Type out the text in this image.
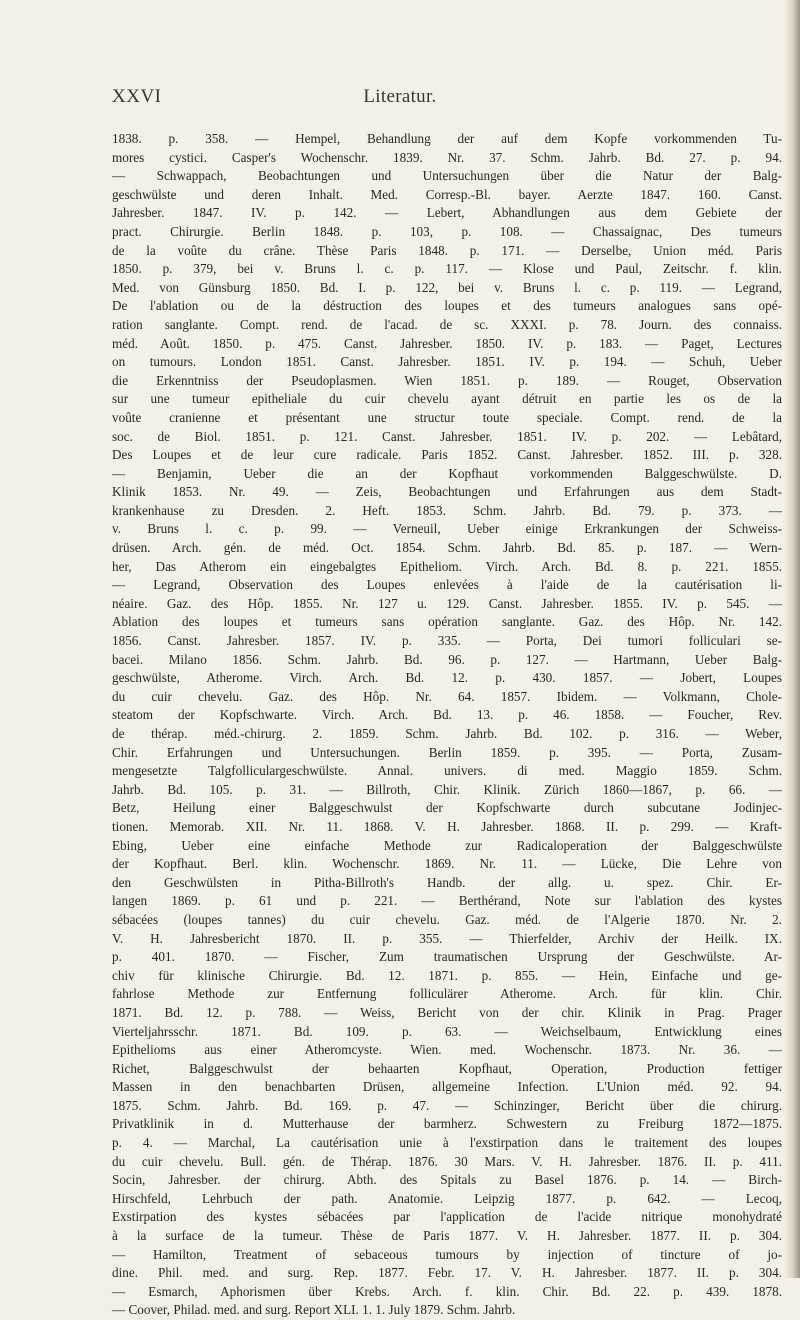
XXVI	Literatur.
1838. p. 358. — Hempel, Behandlung der auf dem Kopfe vorkommenden Tu-
mores cystici. Casper's Wochenschr. 1839. Nr. 37. Schm. Jahrb. Bd. 27. p. 94.
— Schwappach, Beobachtungen und Untersuchungen über die Natur der Balg-
geschwülste und deren Inhalt. Med. Corresp.-Bl. bayer. Aerzte 1847. 160. Canst.
Jahresber. 1847. IV. p. 142. — Lebert, Abhandlungen aus dem Gebiete der
pract. Chirurgie. Berlin 1848. p. 103, p. 108. — Chassaignac, Des tumeurs
de la voûte du crâne. Thèse Paris 1848. p. 171. — Derselbe, Union méd. Paris
1850. p. 379, bei v. Bruns l. c. p. 117. — Klose und Paul, Zeitschr. f. klin.
Med. von Günsburg 1850. Bd. I. p. 122, bei v. Bruns l. c. p. 119. — Legrand,
De l'ablation ou de la déstruction des loupes et des tumeurs analogues sans opé-
ration sanglante. Compt. rend. de l'acad. de sc. XXXI. p. 78. Journ. des connaiss.
méd. Août. 1850. p. 475. Canst. Jahresber. 1850. IV. p. 183. — Paget, Lectures
on tumours. London 1851. Canst. Jahresber. 1851. IV. p. 194. — Schuh, Ueber
die Erkenntniss der Pseudoplasmen. Wien 1851. p. 189. — Rouget, Observation
sur une tumeur epitheliale du cuir chevelu ayant détruit en partie les os de la
voûte cranienne et présentant une structur toute speciale. Compt. rend. de la
soc. de Biol. 1851. p. 121. Canst. Jahresber. 1851. IV. p. 202. — Lebâtard,
Des Loupes et de leur cure radicale. Paris 1852. Canst. Jahresber. 1852. III. p. 328.
— Benjamin, Ueber die an der Kopfhaut vorkommenden Balggeschwülste. D.
Klinik 1853. Nr. 49. — Zeis, Beobachtungen und Erfahrungen aus dem Stadt-
krankenhause zu Dresden. 2. Heft. 1853. Schm. Jahrb. Bd. 79. p. 373. —
v. Bruns l. c. p. 99. — Verneuil, Ueber einige Erkrankungen der Schweiss-
drüsen. Arch. gén. de méd. Oct. 1854. Schm. Jahrb. Bd. 85. p. 187. — Wern-
her, Das Atherom ein eingebalgtes Epitheliom. Virch. Arch. Bd. 8. p. 221. 1855.
— Legrand, Observation des Loupes enlevées à l'aide de la cautérisation li-
néaire. Gaz. des Hôp. 1855. Nr. 127 u. 129. Canst. Jahresber. 1855. IV. p. 545. —
Ablation des loupes et tumeurs sans opération sanglante. Gaz. des Hôp. Nr. 142.
1856. Canst. Jahresber. 1857. IV. p. 335. — Porta, Dei tumori folliculari se-
bacei. Milano 1856. Schm. Jahrb. Bd. 96. p. 127. — Hartmann, Ueber Balg-
geschwülste, Atherome. Virch. Arch. Bd. 12. p. 430. 1857. — Jobert, Loupes
du cuir chevelu. Gaz. des Hôp. Nr. 64. 1857. Ibidem. — Volkmann, Chole-
steatom der Kopfschwarte. Virch. Arch. Bd. 13. p. 46. 1858. — Foucher, Rev.
de thérap. méd.-chirurg. 2. 1859. Schm. Jahrb. Bd. 102. p. 316. — Weber,
Chir. Erfahrungen und Untersuchungen. Berlin 1859. p. 395. — Porta, Zusam-
mengesetzte Talgfolliculargeschwülste. Annal. univers. di med. Maggio 1859. Schm.
Jahrb. Bd. 105. p. 31. — Billroth, Chir. Klinik. Zürich 1860—1867, p. 66. —
Betz, Heilung einer Balggeschwulst der Kopfschwarte durch subcutane Jodinjec-
tionen. Memorab. XII. Nr. 11. 1868. V. H. Jahresber. 1868. II. p. 299. — Kraft-
Ebing, Ueber eine einfache Methode zur Radicaloperation der Balggeschwülste
der Kopfhaut. Berl. klin. Wochenschr. 1869. Nr. 11. — Lücke, Die Lehre von
den Geschwülsten in Pitha-Billroth's Handb. der allg. u. spez. Chir. Er-
langen 1869. p. 61 und p. 221. — Berthérand, Note sur l'ablation des kystes
sébacées (loupes tannes) du cuir chevelu. Gaz. méd. de l'Algerie 1870. Nr. 2.
V. H. Jahresbericht 1870. II. p. 355. — Thierfelder, Archiv der Heilk. IX.
p. 401. 1870. — Fischer, Zum traumatischen Ursprung der Geschwülste. Ar-
chiv für klinische Chirurgie. Bd. 12. 1871. p. 855. — Hein, Einfache und ge-
fahrlose Methode zur Entfernung folliculärer Atherome. Arch. für klin. Chir.
1871. Bd. 12. p. 788. — Weiss, Bericht von der chir. Klinik in Prag. Prager
Vierteljahrsschr. 1871. Bd. 109. p. 63. — Weichselbaum, Entwicklung eines
Epithelioms aus einer Atheromcyste. Wien. med. Wochenschr. 1873. Nr. 36. —
Richet, Balggeschwulst der behaarten Kopfhaut, Operation, Production fettiger
Massen in den benachbarten Drüsen, allgemeine Infection. L'Union méd. 92. 94.
1875. Schm. Jahrb. Bd. 169. p. 47. — Schinzinger, Bericht über die chirurg.
Privatklinik in d. Mutterhause der barmherz. Schwestern zu Freiburg 1872—1875.
p. 4. — Marchal, La cautérisation unie à l'exstirpation dans le traitement des loupes
du cuir chevelu. Bull. gén. de Thérap. 1876. 30 Mars. V. H. Jahresber. 1876. II. p. 411.
Socin, Jahresber. der chirurg. Abth. des Spitals zu Basel 1876. p. 14. — Birch-
Hirschfeld, Lehrbuch der path. Anatomie. Leipzig 1877. p. 642. — Lecoq,
Exstirpation des kystes sébacées par l'application de l'acide nitrique monohydraté
à la surface de la tumeur. Thèse de Paris 1877. V. H. Jahresber. 1877. II. p. 304.
— Hamilton, Treatment of sebaceous tumours by injection of tincture of jo-
dine. Phil. med. and surg. Rep. 1877. Febr. 17. V. H. Jahresber. 1877. II. p. 304.
— Esmarch, Aphorismen über Krebs. Arch. f. klin. Chir. Bd. 22. p. 439. 1878.
— Coover, Philad. med. and surg. Report XLI. 1. 1. July 1879. Schm. Jahrb.
